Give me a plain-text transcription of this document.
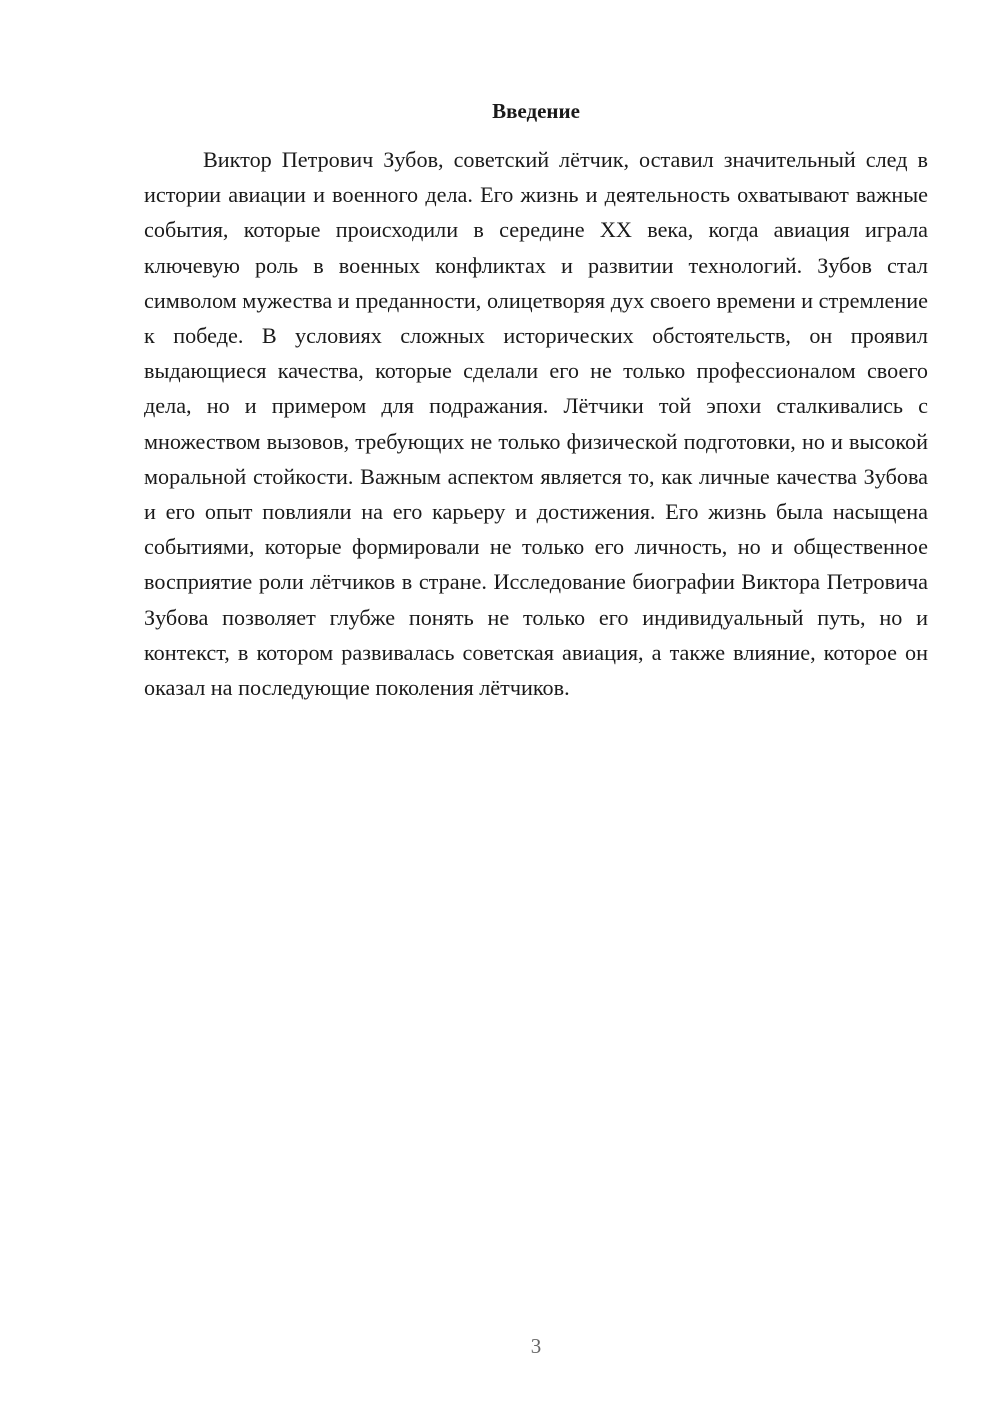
Введение

Виктор Петрович Зубов, советский лётчик, оставил значительный след в истории авиации и военного дела. Его жизнь и деятельность охватывают важные события, которые происходили в середине XX века, когда авиация играла ключевую роль в военных конфликтах и развитии технологий. Зубов стал символом мужества и преданности, олицетворяя дух своего времени и стремление к победе. В условиях сложных исторических обстоятельств, он проявил выдающиеся качества, которые сделали его не только профессионалом своего дела, но и примером для подражания. Лётчики той эпохи сталкивались с множеством вызовов, требующих не только физической подготовки, но и высокой моральной стойкости. Важным аспектом является то, как личные качества Зубова и его опыт повлияли на его карьеру и достижения. Его жизнь была насыщена событиями, которые формировали не только его личность, но и общественное восприятие роли лётчиков в стране. Исследование биографии Виктора Петровича Зубова позволяет глубже понять не только его индивидуальный путь, но и контекст, в котором развивалась советская авиация, а также влияние, которое он оказал на последующие поколения лётчиков.

3
